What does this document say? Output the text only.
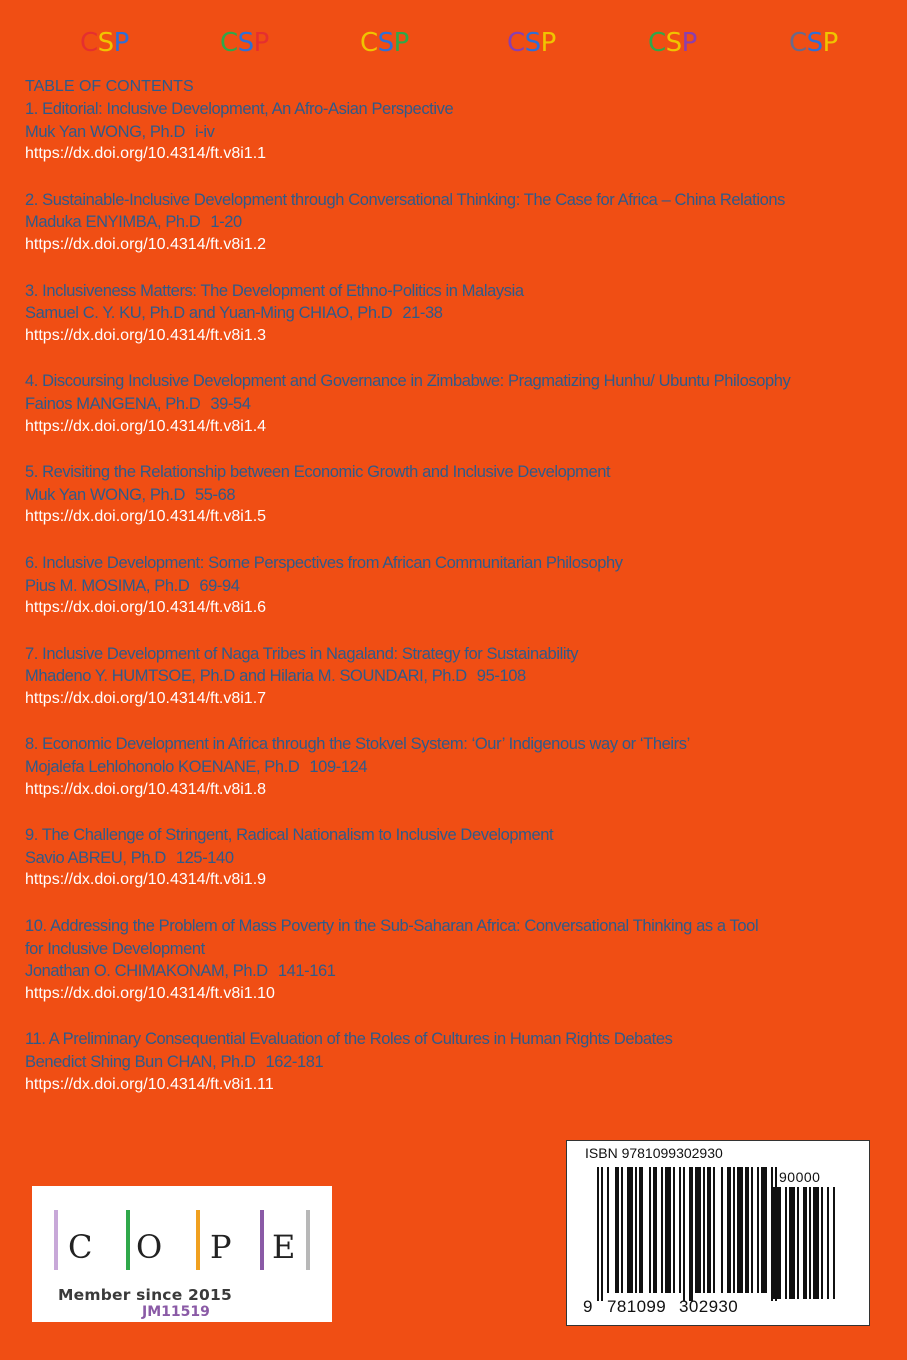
CSP	CSP	CSP	CSP	CSP	CSP
TABLE OF CONTENTS
1. Editorial: Inclusive Development, An Afro-Asian Perspective
Muk Yan WONG, Ph.D i-iv
https://dx.doi.org/10.4314/ft.v8i1.1
2. Sustainable-Inclusive Development through Conversational Thinking: The Case for Africa – China Relations
Maduka ENYIMBA, Ph.D 1-20
https://dx.doi.org/10.4314/ft.v8i1.2
3. Inclusiveness Matters: The Development of Ethno-Politics in Malaysia
Samuel C. Y. KU, Ph.D and Yuan-Ming CHIAO, Ph.D 21-38
https://dx.doi.org/10.4314/ft.v8i1.3
4. Discoursing Inclusive Development and Governance in Zimbabwe: Pragmatizing Hunhu/ Ubuntu Philosophy
Fainos MANGENA, Ph.D 39-54
https://dx.doi.org/10.4314/ft.v8i1.4
5. Revisiting the Relationship between Economic Growth and Inclusive Development
Muk Yan WONG, Ph.D 55-68
https://dx.doi.org/10.4314/ft.v8i1.5
6. Inclusive Development: Some Perspectives from African Communitarian Philosophy
Pius M. MOSIMA, Ph.D 69-94
https://dx.doi.org/10.4314/ft.v8i1.6
7. Inclusive Development of Naga Tribes in Nagaland: Strategy for Sustainability
Mhadeno Y. HUMTSOE, Ph.D and Hilaria M. SOUNDARI, Ph.D 95-108
https://dx.doi.org/10.4314/ft.v8i1.7
8. Economic Development in Africa through the Stokvel System: ‘Our’ Indigenous way or ‘Theirs’
Mojalefa Lehlohonolo KOENANE, Ph.D 109-124
https://dx.doi.org/10.4314/ft.v8i1.8
9. The Challenge of Stringent, Radical Nationalism to Inclusive Development
Savio ABREU, Ph.D 125-140
https://dx.doi.org/10.4314/ft.v8i1.9
10. Addressing the Problem of Mass Poverty in the Sub-Saharan Africa: Conversational Thinking as a Tool for Inclusive Development
Jonathan O. CHIMAKONAM, Ph.D 141-161
https://dx.doi.org/10.4314/ft.v8i1.10
11. A Preliminary Consequential Evaluation of the Roles of Cultures in Human Rights Debates
Benedict Shing Bun CHAN, Ph.D 162-181
https://dx.doi.org/10.4314/ft.v8i1.11
C O P E
Member since 2015
JM11519
ISBN 9781099302930
90000
9 781099 302930
